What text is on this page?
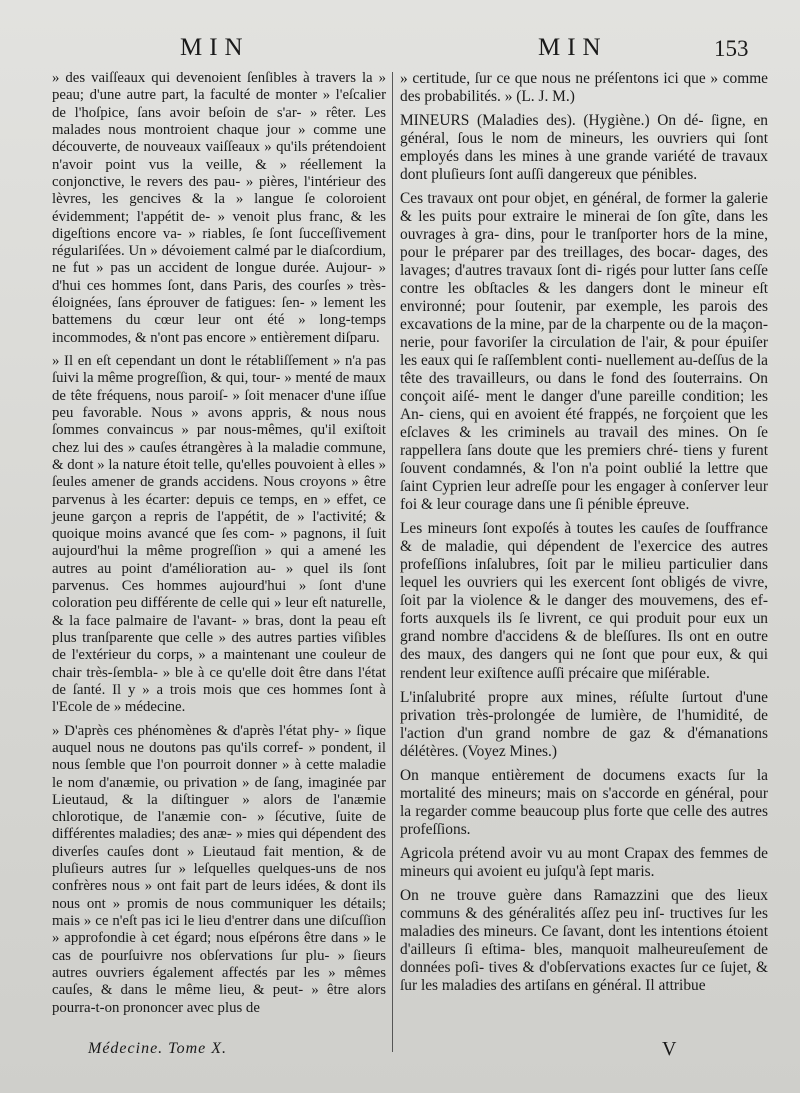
MIN	MIN	153

» des vaiſſeaux qui devenoient ſenſibles à travers la » peau; d'une autre part, la faculté de monter » l'eſcalier de l'hoſpice, ſans avoir beſoin de s'ar- » rêter. Les malades nous montroient chaque jour » comme une découverte, de nouveaux vaiſſeaux » qu'ils prétendoient n'avoir point vus la veille, & » réellement la conjonctive, le revers des pau- » pières, l'intérieur des lèvres, les gencives & la » langue ſe coloroient évidemment; l'appétit de- » venoit plus franc, & les digeſtions encore va- » riables, ſe ſont ſucceſſivement régulariſées. Un » dévoiement calmé par le diaſcordium, ne fut » pas un accident de longue durée. Aujour- » d'hui ces hommes ſont, dans Paris, des courſes » très-éloignées, ſans éprouver de fatigues: ſen- » lement les battemens du cœur leur ont été » long-temps incommodes, & n'ont pas encore » entièrement diſparu.

» Il en eſt cependant un dont le rétabliſſement » n'a pas ſuivi la même progreſſion, & qui, tour- » menté de maux de tête fréquens, nous paroiſ- » ſoit menacer d'une iſſue peu favorable. Nous » avons appris, & nous nous ſommes convaincus » par nous-mêmes, qu'il exiſtoit chez lui des » cauſes étrangères à la maladie commune, & dont » la nature étoit telle, qu'elles pouvoient à elles » ſeules amener de grands accidens. Nous croyons » être parvenus à les écarter: depuis ce temps, en » effet, ce jeune garçon a repris de l'appétit, de » l'activité; & quoique moins avancé que ſes com- » pagnons, il ſuit aujourd'hui la même progreſſion » qui a amené les autres au point d'amélioration au- » quel ils ſont parvenus. Ces hommes aujourd'hui » ſont d'une coloration peu différente de celle qui » leur eſt naturelle, & la face palmaire de l'avant- » bras, dont la peau eſt plus tranſparente que celle » des autres parties viſibles de l'extérieur du corps, » a maintenant une couleur de chair très-ſembla- » ble à ce qu'elle doit être dans l'état de ſanté. Il y » a trois mois que ces hommes ſont à l'Ecole de » médecine.

» D'après ces phénomènes & d'après l'état phy- » ſique auquel nous ne doutons pas qu'ils corref- » pondent, il nous ſemble que l'on pourroit donner » à cette maladie le nom d'anæmie, ou privation » de ſang, imaginée par Lieutaud, & la diſtinguer » alors de l'anæmie chlorotique, de l'anæmie con- » ſécutive, ſuite de différentes maladies; des anæ- » mies qui dépendent des diverſes cauſes dont » Lieutaud fait mention, & de pluſieurs autres ſur » leſquelles quelques-uns de nos confrères nous » ont fait part de leurs idées, & dont ils nous ont » promis de nous communiquer les détails; mais » ce n'eſt pas ici le lieu d'entrer dans une diſcuſſion » approfondie à cet égard; nous eſpérons être dans » le cas de pourſuivre nos obſervations ſur plu- » ſieurs autres ouvriers également affectés par les » mêmes cauſes, & dans le même lieu, & peut- » être alors pourra-t-on prononcer avec plus de

» certitude, ſur ce que nous ne préſentons ici que » comme des probabilités. » (L. J. M.)

MINEURS (Maladies des). (Hygiène.) On dé- ſigne, en général, ſous le nom de mineurs, les ouvriers qui ſont employés dans les mines à une grande variété de travaux dont pluſieurs ſont auſſi dangereux que pénibles.

Ces travaux ont pour objet, en général, de former la galerie & les puits pour extraire le minerai de ſon gîte, dans les ouvrages à gra- dins, pour le tranſporter hors de la mine, pour le préparer par des treillages, des bocar- dages, des lavages; d'autres travaux ſont di- rigés pour lutter ſans ceſſe contre les obſtacles & les dangers dont le mineur eſt environné; pour ſoutenir, par exemple, les parois des excavations de la mine, par de la charpente ou de la maçon- nerie, pour favoriſer la circulation de l'air, & pour épuiſer les eaux qui ſe raſſemblent conti- nuellement au-deſſus de la tête des travailleurs, ou dans le fond des ſouterrains. On conçoit aiſé- ment le danger d'une pareille condition; les An- ciens, qui en avoient été frappés, ne forçoient que les eſclaves & les criminels au travail des mines. On ſe rappellera ſans doute que les premiers chré- tiens y furent ſouvent condamnés, & l'on n'a point oublié la lettre que ſaint Cyprien leur adreſſe pour les engager à conſerver leur foi & leur courage dans une ſi pénible épreuve.

Les mineurs ſont expoſés à toutes les cauſes de ſouffrance & de maladie, qui dépendent de l'exercice des autres profeſſions inſalubres, ſoit par le milieu particulier dans lequel les ouvriers qui les exercent ſont obligés de vivre, ſoit par la violence & le danger des mouvemens, des ef- forts auxquels ils ſe livrent, ce qui produit pour eux un grand nombre d'accidens & de bleſſures. Ils ont en outre des maux, des dangers qui ne ſont que pour eux, & qui rendent leur exiſtence auſſi précaire que miſérable.

L'inſalubrité propre aux mines, réſulte ſurtout d'une privation très-prolongée de lumière, de l'humidité, de l'action d'un grand nombre de gaz & d'émanations délétères. (Voyez Mines.)

On manque entièrement de documens exacts ſur la mortalité des mineurs; mais on s'accorde en général, pour la regarder comme beaucoup plus forte que celle des autres profeſſions.

Agricola prétend avoir vu au mont Crapax des femmes de mineurs qui avoient eu juſqu'à ſept maris.

On ne trouve guère dans Ramazzini que des lieux communs & des généralités aſſez peu inſ- tructives ſur les maladies des mineurs. Ce ſavant, dont les intentions étoient d'ailleurs ſi eſtima- bles, manquoit malheureuſement de données poſi- tives & d'obſervations exactes ſur ce ſujet, & ſur les maladies des artiſans en général. Il attribue

Médecine. Tome X.	V
